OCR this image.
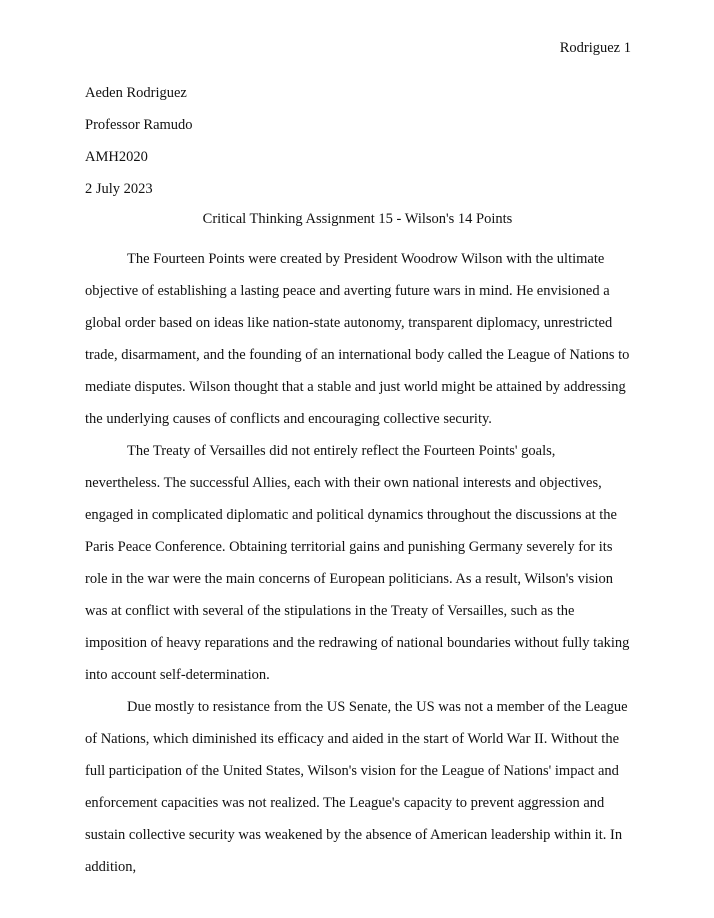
Rodriguez 1
Aeden Rodriguez
Professor Ramudo
AMH2020
2 July 2023
Critical Thinking Assignment 15 - Wilson's 14 Points

The Fourteen Points were created by President Woodrow Wilson with the ultimate objective of establishing a lasting peace and averting future wars in mind. He envisioned a global order based on ideas like nation-state autonomy, transparent diplomacy, unrestricted trade, disarmament, and the founding of an international body called the League of Nations to mediate disputes. Wilson thought that a stable and just world might be attained by addressing the underlying causes of conflicts and encouraging collective security.

The Treaty of Versailles did not entirely reflect the Fourteen Points' goals, nevertheless. The successful Allies, each with their own national interests and objectives, engaged in complicated diplomatic and political dynamics throughout the discussions at the Paris Peace Conference. Obtaining territorial gains and punishing Germany severely for its role in the war were the main concerns of European politicians. As a result, Wilson's vision was at conflict with several of the stipulations in the Treaty of Versailles, such as the imposition of heavy reparations and the redrawing of national boundaries without fully taking into account self-determination.

Due mostly to resistance from the US Senate, the US was not a member of the League of Nations, which diminished its efficacy and aided in the start of World War II. Without the full participation of the United States, Wilson's vision for the League of Nations' impact and enforcement capacities was not realized. The League's capacity to prevent aggression and sustain collective security was weakened by the absence of American leadership within it. In addition,
